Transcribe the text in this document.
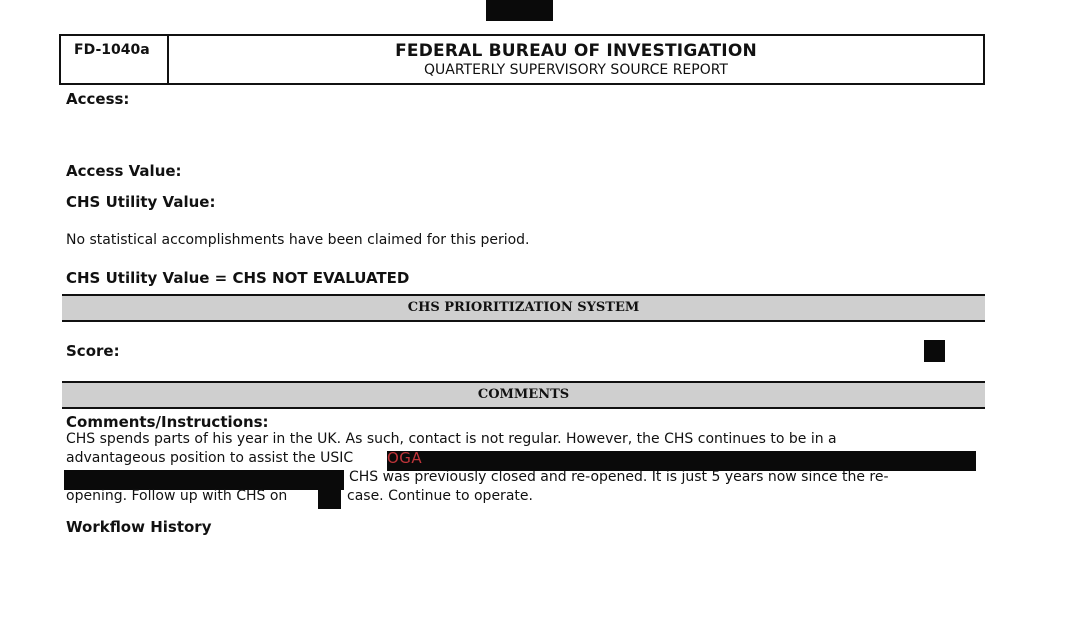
FD-1040a	FEDERAL BUREAU OF INVESTIGATION
QUARTERLY SUPERVISORY SOURCE REPORT
Access:
Access Value:
CHS Utility Value:
No statistical accomplishments have been claimed for this period.
CHS Utility Value = CHS NOT EVALUATED
CHS PRIORITIZATION SYSTEM
Score:
COMMENTS
Comments/Instructions:
CHS spends parts of his year in the UK. As such, contact is not regular. However, the CHS continues to be in a
advantageous position to assist the USIC OGA
CHS was previously closed and re-opened. It is just 5 years now since the re-
opening. Follow up with CHS on	case. Continue to operate.
Workflow History
